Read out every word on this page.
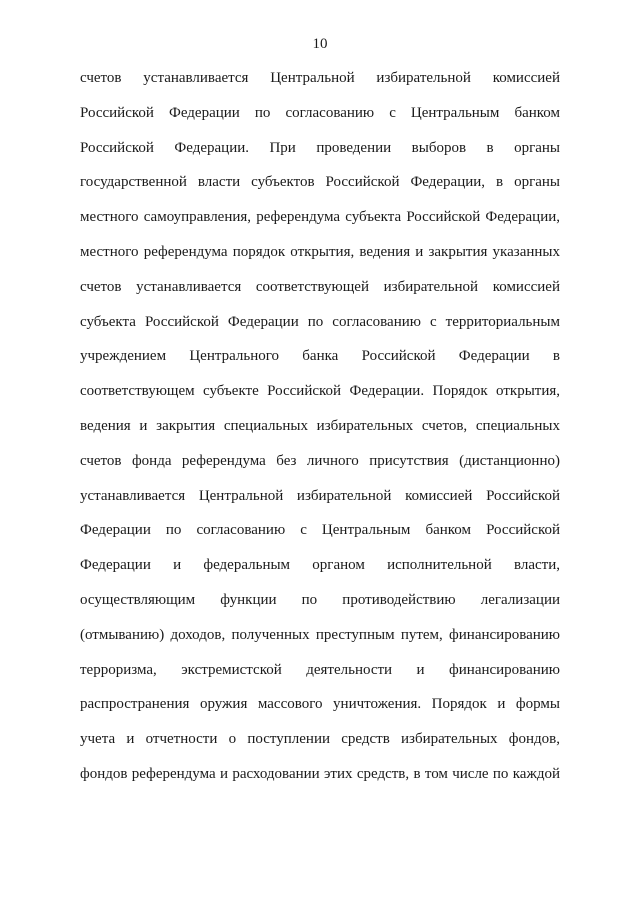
10
счетов устанавливается Центральной избирательной комиссией
Российской Федерации по согласованию с Центральным банком
Российской Федерации. При проведении выборов в органы
государственной власти субъектов Российской Федерации, в органы
местного самоуправления, референдума субъекта Российской Федерации,
местного референдума порядок открытия, ведения и закрытия указанных
счетов устанавливается соответствующей избирательной комиссией
субъекта Российской Федерации по согласованию с территориальным
учреждением Центрального банка Российской Федерации в
соответствующем субъекте Российской Федерации. Порядок открытия,
ведения и закрытия специальных избирательных счетов, специальных
счетов фонда референдума без личного присутствия (дистанционно)
устанавливается Центральной избирательной комиссией Российской
Федерации по согласованию с Центральным банком Российской
Федерации и федеральным органом исполнительной власти,
осуществляющим функции по противодействию легализации
(отмыванию) доходов, полученных преступным путем, финансированию
терроризма, экстремистской деятельности и финансированию
распространения оружия массового уничтожения. Порядок и формы
учета и отчетности о поступлении средств избирательных фондов,
фондов референдума и расходовании этих средств, в том числе по каждой
